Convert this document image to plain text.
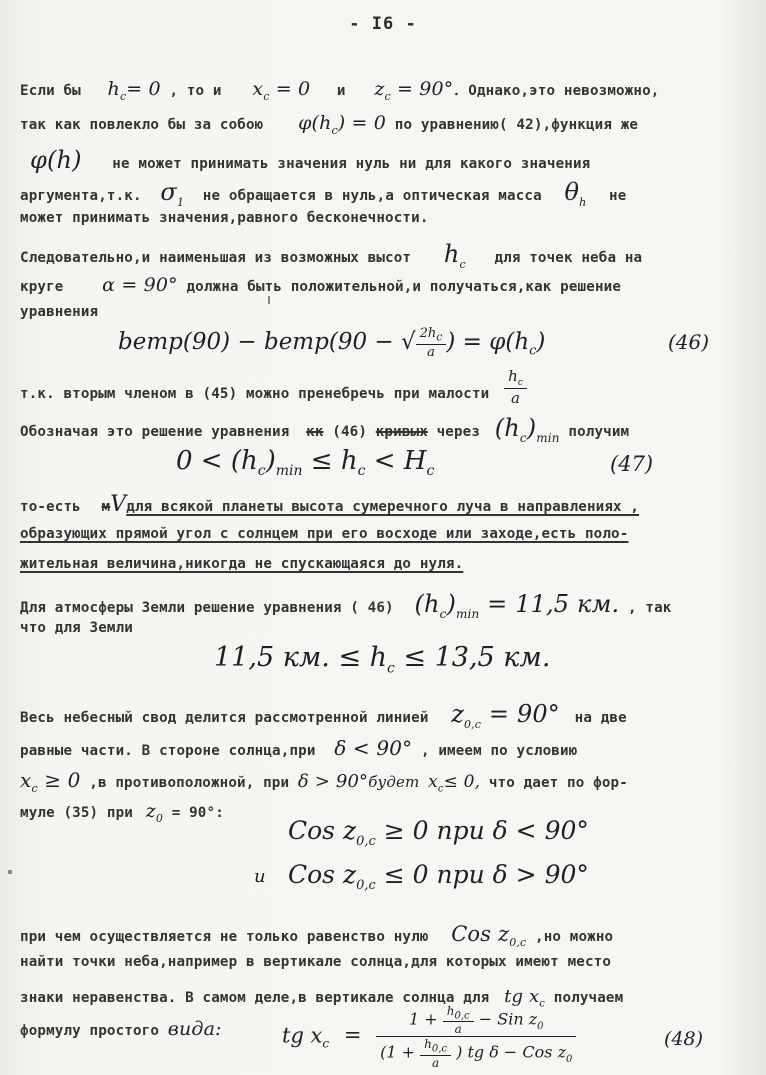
- I6 -
Если бы $h_c= 0$ , то и $x_c = 0$ и $z_c = 90^\circ$. Однако,это невозможно,
так как повлекло бы за собою $\varphi(h_c) = 0$ по уравнению( 42),функция же
φ(h) не может принимать значения нуль ни для какого значения
аргумента,т.к. $\sigma_1$ не обращается в нуль,а оптическая масса $\theta_h$ не
может принимать значения,равного бесконечности.
Следовательно,и наименьшая из возможных высот $h_c$ для точек неба на
круге α = 90° должна быть положительной,и получаться,как решение
уравнения
bemp(90) − bemp(90 − √ $\frac{2h_c}{a}$ ) = $\varphi(h_c)$	(46)
т.к. вторым членом в (45) можно пренебречь при малости $\frac{h_c}{a}$
Обозначая это решение уравнения кк (46) кривых через $(h_c)_{min}$ получим
$0 < (h_c)_{min} \le h_c < H_c$	(47)
то-есть мVдля всякой планеты высота сумеречного луча в направлениях ,
образующих прямой угол с солнцем при его восходе или заходе,есть поло-
жительная величина,никогда не спускающаяся до нуля.
Для атмосферы Земли решение уравнения ( 46) $(h_c)_{min} = 11,5$ км. , так
что для Земли
11,5 км. ≤ $h_c \le 13,5$ км.
Весь небесный свод делится рассмотренной линией $z_{0,c} = 90^\circ$ на две
равные части. В стороне солнца,при δ < 90° , имеем по условию
$x_c \ge 0$ ,в противоположной, при δ > 90°будет $x_c\le 0$, что дает по фор-
муле (35) при $z_0 = 90^\circ$:
Cos $z_{0,c} \ge 0$ при δ < 90°
и Cos $z_{0,c} \le 0$ при δ > 90°
при чем осуществляется не только равенство нулю Cos $z_{0,c}$ ,но можно
найти точки неба,например в вертикале солнца,для которых имеют место
знаки неравенства. В самом деле,в вертикале солнца для tg $x_c$ получаем
формулу простого вида:	tg $x_c = \frac{1 + \frac{h_{0,c}}{a} - Sin z_0}{(1 + \frac{h_{0,c}}{a} ) tg \delta - Cos z_0}$	(48)
